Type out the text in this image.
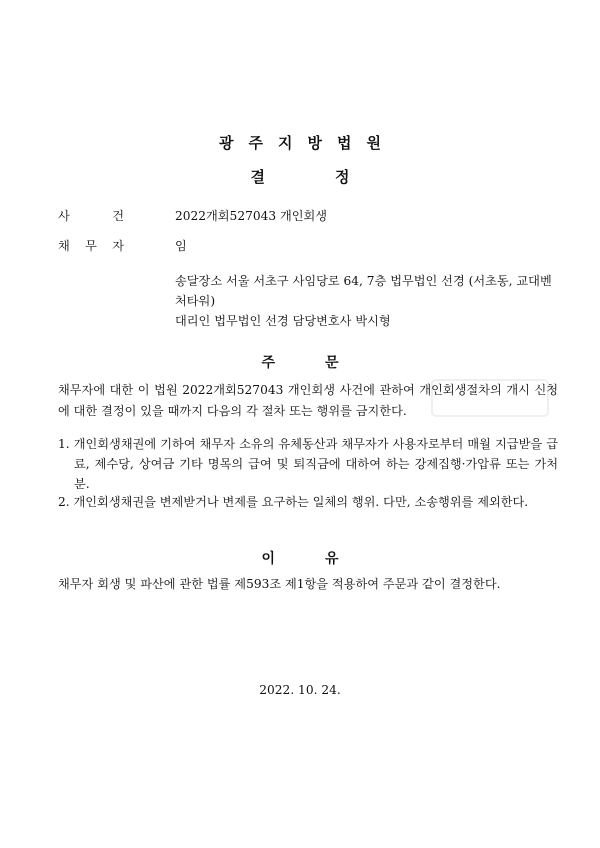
광주지방법원
결	정
사	건	2022개회527043 개인회생
채 무 자	임
송달장소 서울 서초구 사임당로 64, 7층 법무법인 선경 (서초동, 교대벤처타워)
대리인 법무법인 선경 담당변호사 박시형
주	문
채무자에 대한 이 법원 2022개회527043 개인회생 사건에 관하여 개인회생절차의 개시 신청에 대한 결정이 있을 때까지 다음의 각 절차 또는 행위를 금지한다.
1. 개인회생채권에 기하여 채무자 소유의 유체동산과 채무자가 사용자로부터 매월 지급받을 급료, 제수당, 상여금 기타 명목의 급여 및 퇴직금에 대하여 하는 강제집행·가압류 또는 가처분.
2. 개인회생채권을 변제받거나 변제를 요구하는 일체의 행위. 다만, 소송행위를 제외한다.
이	유
채무자 회생 및 파산에 관한 법률 제593조 제1항을 적용하여 주문과 같이 결정한다.
2022. 10. 24.
